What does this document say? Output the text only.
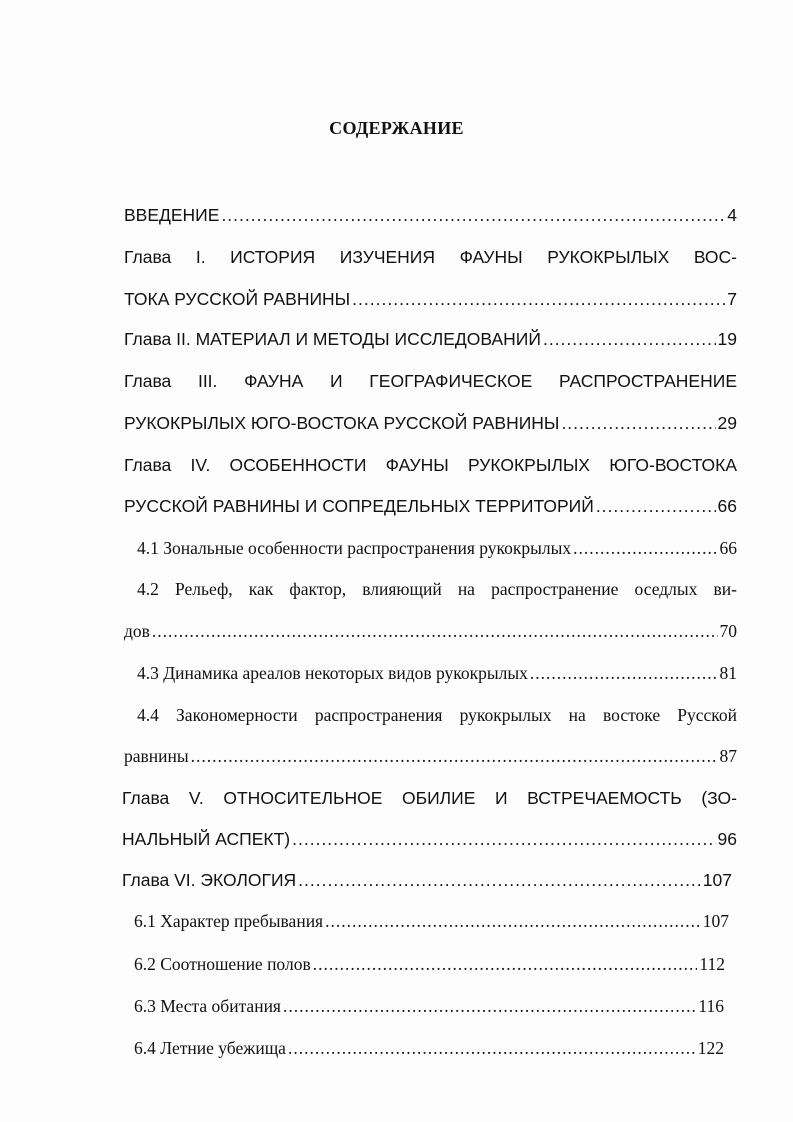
СОДЕРЖАНИЕ
ВВЕДЕНИЕ .....	4
Глава I. ИСТОРИЯ ИЗУЧЕНИЯ ФАУНЫ РУКОКРЫЛЫХ ВОС-
ТОКА РУССКОЙ РАВНИНЫ .....	7
Глава II. МАТЕРИАЛ И МЕТОДЫ ИССЛЕДОВАНИЙ .....	19
Глава III. ФАУНА И ГЕОГРАФИЧЕСКОЕ РАСПРОСТРАНЕНИЕ
РУКОКРЫЛЫХ ЮГО-ВОСТОКА РУССКОЙ РАВНИНЫ .....	29
Глава IV. ОСОБЕННОСТИ ФАУНЫ РУКОКРЫЛЫХ ЮГО-ВОСТОКА
РУССКОЙ РАВНИНЫ И СОПРЕДЕЛЬНЫХ ТЕРРИТОРИЙ .....	66
4.1 Зональные особенности распространения рукокрылых .....	66
4.2 Рельеф, как фактор, влияющий на распространение оседлых ви-
дов .....	70
4.3 Динамика ареалов некоторых видов рукокрылых .....	81
4.4 Закономерности распространения рукокрылых на востоке Русской
равнины .....	87
Глава V. ОТНОСИТЕЛЬНОЕ ОБИЛИЕ И ВСТРЕЧАЕМОСТЬ (ЗО-
НАЛЬНЫЙ АСПЕКТ) .....	96
Глава VI. ЭКОЛОГИЯ .....	107
6.1 Характер пребывания .....	107
6.2 Соотношение полов .....	112
6.3 Места обитания .....	116
6.4 Летние убежища .....	122
